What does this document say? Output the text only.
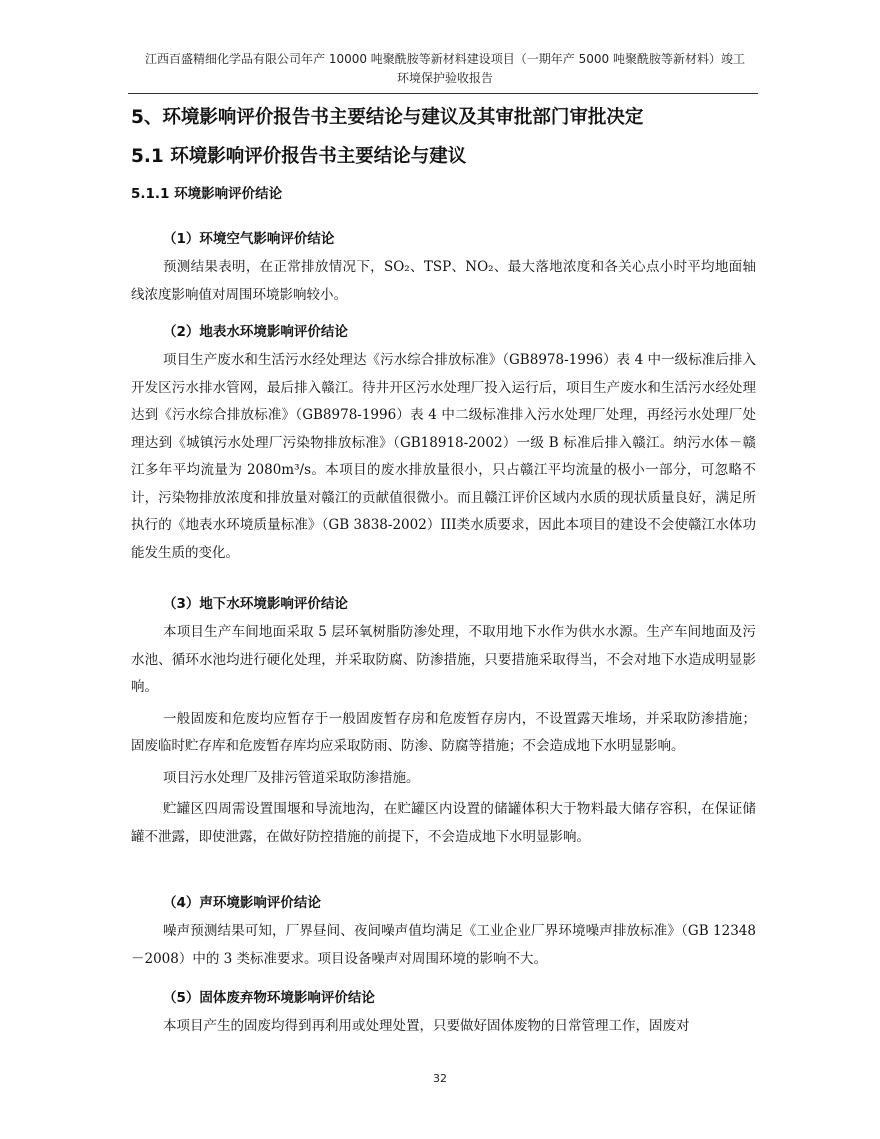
江西百盛精细化学品有限公司年产 10000 吨聚酰胺等新材料建设项目（一期年产 5000 吨聚酰胺等新材料）竣工
环境保护验收报告
5、环境影响评价报告书主要结论与建议及其审批部门审批决定
5.1 环境影响评价报告书主要结论与建议
5.1.1 环境影响评价结论
（1）环境空气影响评价结论

预测结果表明，在正常排放情况下，SO₂、TSP、NO₂、最大落地浓度和各关心点小时平均地面轴线浓度影响值对周围环境影响较小。

（2）地表水环境影响评价结论

项目生产废水和生活污水经处理达《污水综合排放标准》（GB8978-1996）表 4 中一级标准后排入开发区污水排水管网，最后排入赣江。待井开区污水处理厂投入运行后，项目生产废水和生活污水经处理达到《污水综合排放标准》（GB8978-1996）表 4 中二级标准排入污水处理厂处理，再经污水处理厂处理达到《城镇污水处理厂污染物排放标准》（GB18918-2002）一级 B 标准后排入赣江。纳污水体－赣江多年平均流量为 2080m³/s。本项目的废水排放量很小，只占赣江平均流量的极小一部分，可忽略不计，污染物排放浓度和排放量对赣江的贡献值很微小。而且赣江评价区域内水质的现状质量良好，满足所执行的《地表水环境质量标准》（GB 3838-2002）III类水质要求，因此本项目的建设不会使赣江水体功能发生质的变化。

（3）地下水环境影响评价结论

本项目生产车间地面采取 5 层环氧树脂防渗处理，不取用地下水作为供水水源。生产车间地面及污水池、循环水池均进行硬化处理，并采取防腐、防渗措施，只要措施采取得当，不会对地下水造成明显影响。

一般固废和危废均应暂存于一般固废暂存房和危废暂存房内，不设置露天堆场，并采取防渗措施；固废临时贮存库和危废暂存库均应采取防雨、防渗、防腐等措施；不会造成地下水明显影响。

项目污水处理厂及排污管道采取防渗措施。

贮罐区四周需设置围堰和导流地沟，在贮罐区内设置的储罐体积大于物料最大储存容积，在保证储罐不泄露，即使泄露，在做好防控措施的前提下，不会造成地下水明显影响。

（4）声环境影响评价结论

噪声预测结果可知，厂界昼间、夜间噪声值均满足《工业企业厂界环境噪声排放标准》（GB 12348－2008）中的 3 类标准要求。项目设备噪声对周围环境的影响不大。

（5）固体废弃物环境影响评价结论

本项目产生的固废均得到再利用或处理处置，只要做好固体废物的日常管理工作，固废对

32
